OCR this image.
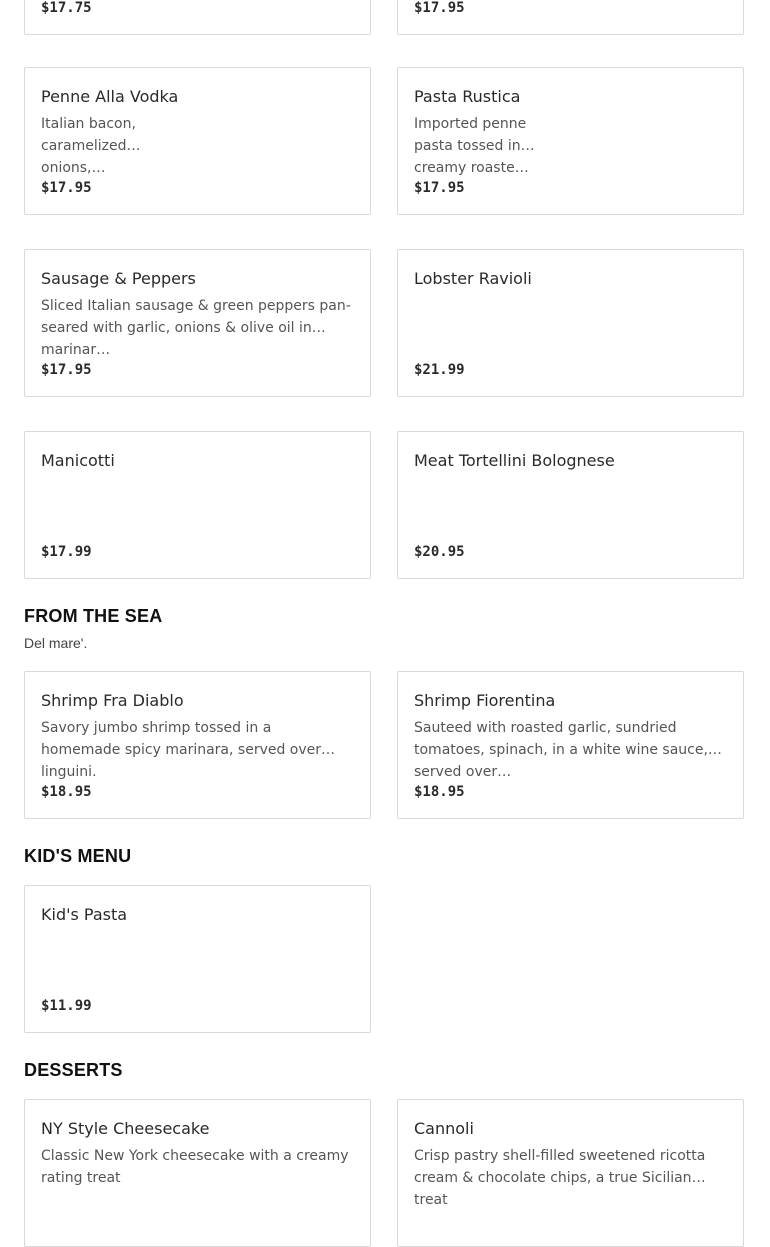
$17.75	$17.95
Penne Alla Vodka
Italian bacon, caramelized onions,…
$17.95
Pasta Rustica
Imported penne pasta tossed in creamy roaste…
$17.95
Sausage & Peppers
Sliced Italian sausage & green peppers pan-seared with garlic, onions & olive oil in marinar…
$17.95
Lobster Ravioli
$21.99
Manicotti
$17.99
Meat Tortellini Bolognese
$20.95
FROM THE SEA
Del mare'.
Shrimp Fra Diablo
Savory jumbo shrimp tossed in a homemade spicy marinara, served over linguini.
$18.95
Shrimp Fiorentina
Sauteed with roasted garlic, sundried tomatoes, spinach, in a white wine sauce, served over…
$18.95
KID'S MENU
Kid's Pasta
$11.99
DESSERTS
NY Style Cheesecake
Classic New York cheesecake with a creamy rating treat
Cannoli
Crisp pastry shell-filled sweetened ricotta cream & chocolate chips, a true Sicilian treat
